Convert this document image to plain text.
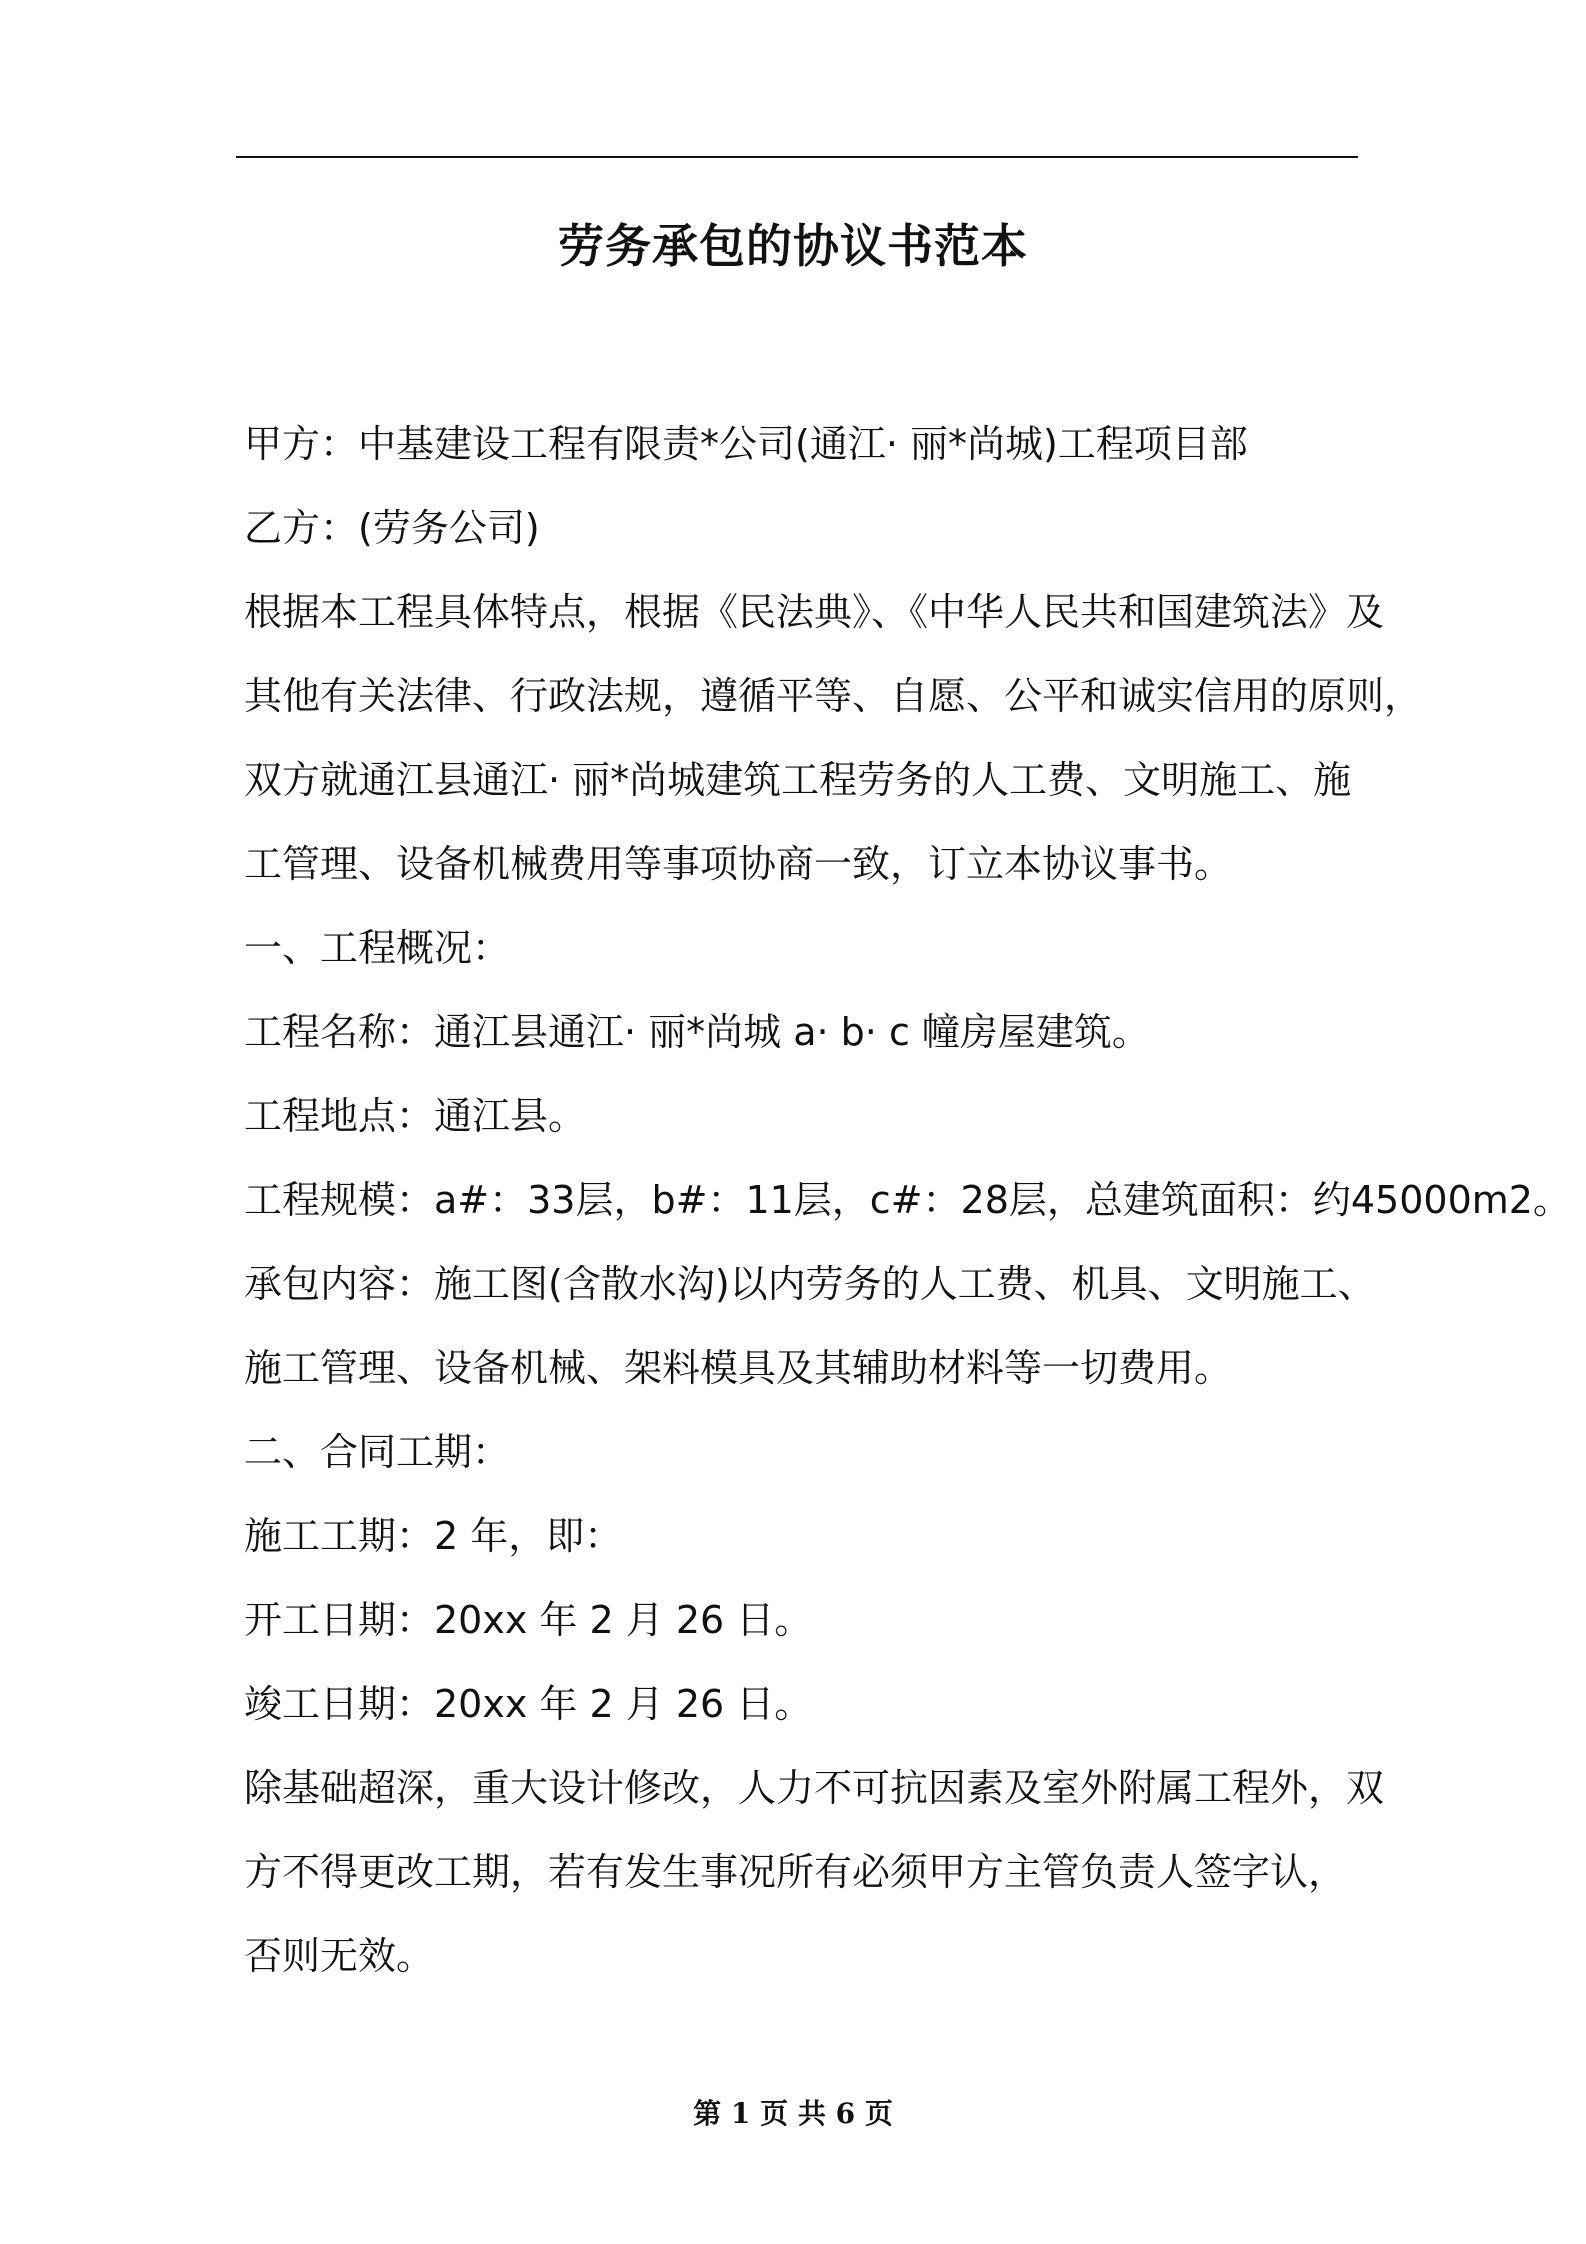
劳务承包的协议书范本
甲方：中基建设工程有限责*公司(通江· 丽*尚城)工程项目部
乙方：(劳务公司)
根据本工程具体特点，根据《民法典》、《中华人民共和国建筑法》及
其他有关法律、行政法规，遵循平等、自愿、公平和诚实信用的原则，
双方就通江县通江· 丽*尚城建筑工程劳务的人工费、文明施工、施
工管理、设备机械费用等事项协商一致，订立本协议事书。
一、工程概况：
工程名称：通江县通江· 丽*尚城 a· b· c 幢房屋建筑。
工程地点：通江县。
工程规模：a#：33层，b#：11层，c#：28层，总建筑面积：约45000m2。
承包内容：施工图(含散水沟)以内劳务的人工费、机具、文明施工、
施工管理、设备机械、架料模具及其辅助材料等一切费用。
二、合同工期：
施工工期：2 年，即：
开工日期：20xx 年 2 月 26 日。
竣工日期：20xx 年 2 月 26 日。
除基础超深，重大设计修改，人力不可抗因素及室外附属工程外，双
方不得更改工期，若有发生事况所有必须甲方主管负责人签字认，
否则无效。
第 1 页 共 6 页
